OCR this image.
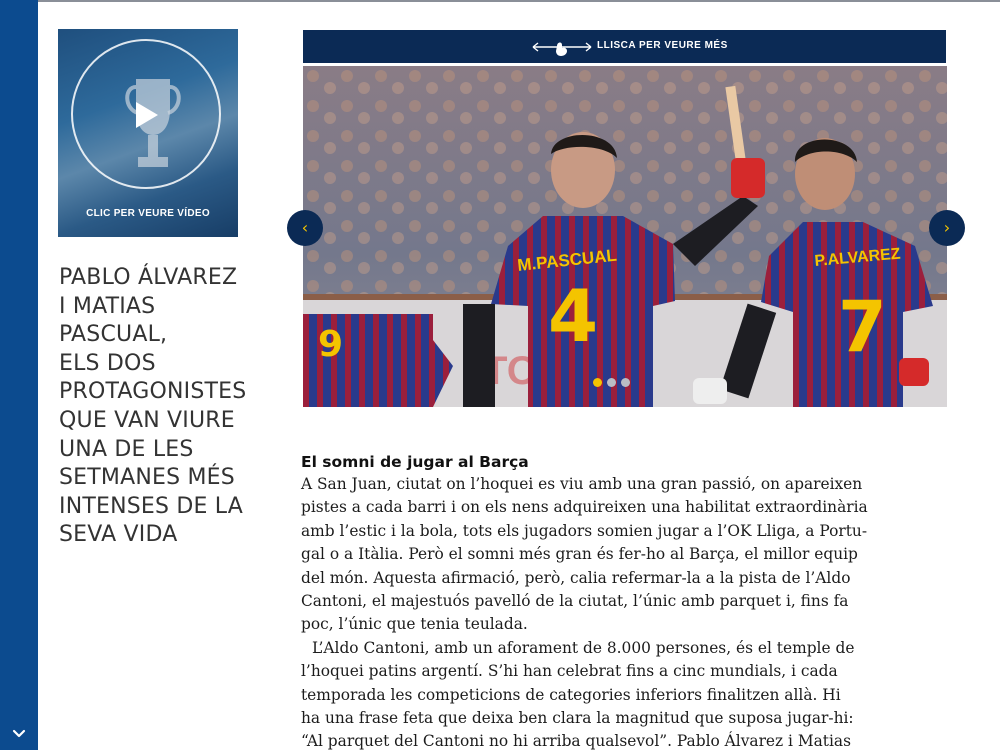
CLIC PER VEURE VÍDEO
PABLO ÁLVAREZ
I MATIAS
PASCUAL,
ELS DOS
PROTAGONISTES
QUE VAN VIURE
UNA DE LES
SETMANES MÉS
INTENSES DE LA
SEVA VIDA
LLISCA PER VEURE MÉS
9
M.PASCUAL
4
P.ALVAREZ
7
‹	›
El somni de jugar al Barça
A San Juan, ciutat on l’hoquei es viu amb una gran passió, on apareixen
pistes a cada barri i on els nens adquireixen una habilitat extraordinària
amb l’estic i la bola, tots els jugadors somien jugar a l’OK Lliga, a Portu-
gal o a Itàlia. Però el somni més gran és fer-ho al Barça, el millor equip
del món. Aquesta afirmació, però, calia refermar-la a la pista de l’Aldo
Cantoni, el majestuós pavelló de la ciutat, l’únic amb parquet i, fins fa
poc, l’únic que tenia teulada.
L’Aldo Cantoni, amb un aforament de 8.000 persones, és el temple de
l’hoquei patins argentí. S’hi han celebrat fins a cinc mundials, i cada
temporada les competicions de categories inferiors finalitzen allà. Hi
ha una frase feta que deixa ben clara la magnitud que suposa jugar-hi:
“Al parquet del Cantoni no hi arriba qualsevol”. Pablo Álvarez i Matias
